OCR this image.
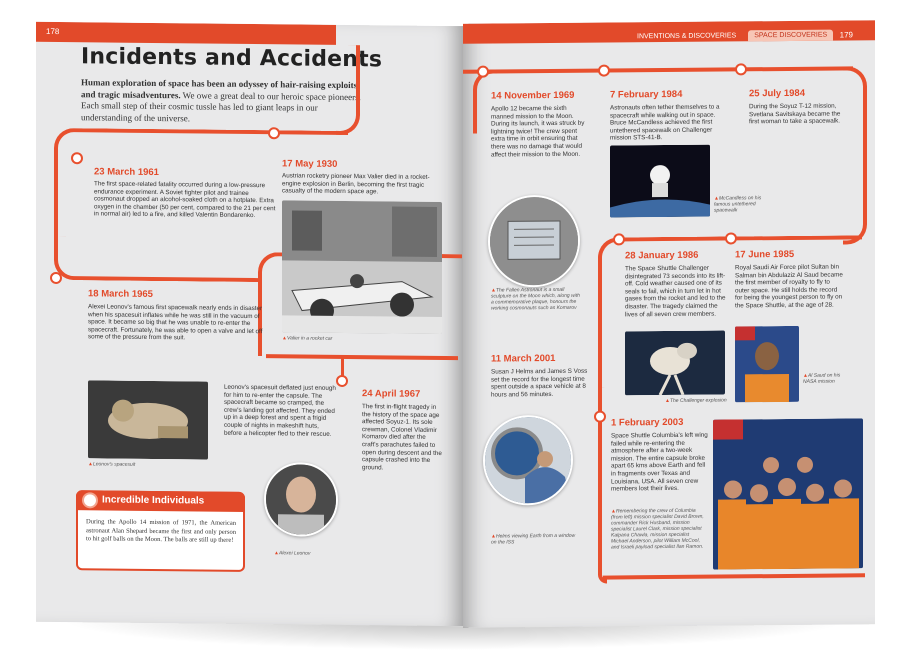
178
Incidents and Accidents
Human exploration of space has been an odyssey of hair-raising exploits and tragic misadventures. We owe a great deal to our heroic space pioneers. Each small step of their cosmic tussle has led to giant leaps in our understanding of the universe.
23 March 1961
The first space-related fatality occurred during a low-pressure endurance experiment. A Soviet fighter pilot and trainee cosmonaut dropped an alcohol-soaked cloth on a hotplate. Extra oxygen in the chamber (50 per cent, compared to the 21 per cent in normal air) led to a fire, and killed Valentin Bondarenko.
17 May 1930
Austrian rocketry pioneer Max Valier died in a rocket-engine explosion in Berlin, becoming the first tragic casualty of the modern space age.
▲ Valier in a rocket car
18 March 1965
Alexei Leonov's famous first spacewalk nearly ends in disaster when his spacesuit inflates while he was still in the vacuum of space. It became so big that he was unable to re-enter the spacecraft. Fortunately, he was able to open a valve and let off some of the pressure from the suit.
▲ Leonov's spacesuit
Leonov's spacesuit deflated just enough for him to re-enter the capsule. The spacecraft became so cramped, the crew's landing got affected. They ended up in a deep forest and spent a frigid couple of nights in makeshift huts, before a helicopter fled to their rescue.
24 April 1967
The first in-flight tragedy in the history of the space age affected Soyuz-1. Its sole crewman, Colonel Vladimir Komarov died after the craft's parachutes failed to open during descent and the capsule crashed into the ground.
▲ Alexei Leonov
Incredible Individuals
During the Apollo 14 mission of 1971, the American astronaut Alan Shepard became the first and only person to hit golf balls on the Moon. The balls are still up there!
INVENTIONS & DISCOVERIES	SPACE DISCOVERIES	179
14 November 1969
Apollo 12 became the sixth manned mission to the Moon. During its launch, it was struck by lightning twice! The crew spent extra time in orbit ensuring that there was no damage that would affect their mission to the Moon.
▲ The Fallen Astronaut is a small sculpture on the Moon which, along with a commemorative plaque, honours the working cosmonauts such as Komarov
7 February 1984
Astronauts often tether themselves to a spacecraft while walking out in space. Bruce McCandless achieved the first untethered spacewalk on Challenger mission STS-41-B.
▲ McCandless on his famous untethered spacewalk
25 July 1984
During the Soyuz T-12 mission, Svetlana Savitskaya became the first woman to take a spacewalk.
28 January 1986
The Space Shuttle Challenger disintegrated 73 seconds into its lift-off. Cold weather caused one of its seals to fail, which in turn let in hot gases from the rocket and led to the disaster. The tragedy claimed the lives of all seven crew members.
▲ The Challenger explosion
17 June 1985
Royal Saudi Air Force pilot Sultan bin Salman bin Abdulaziz Al Saud became the first member of royalty to fly to outer space. He still holds the record for being the youngest person to fly on the Space Shuttle, at the age of 28.
▲ Al Saud on his NASA mission
11 March 2001
Susan J Helms and James S Voss set the record for the longest time spent outside a space vehicle at 8 hours and 56 minutes.
▲ Helms viewing Earth from a window on the ISS
1 February 2003
Space Shuttle Columbia's left wing failed while re-entering the atmosphere after a two-week mission. The entire capsule broke apart 65 kms above Earth and fell in fragments over Texas and Louisiana, USA. All seven crew members lost their lives.
▲ Remembering the crew of Columbia (from left) mission specialist David Brown, commander Rick Husband, mission specialist Laurel Clark, mission specialist Kalpana Chawla, mission specialist Michael Anderson, pilot William McCool, and Israeli payload specialist Ilan Ramon.
